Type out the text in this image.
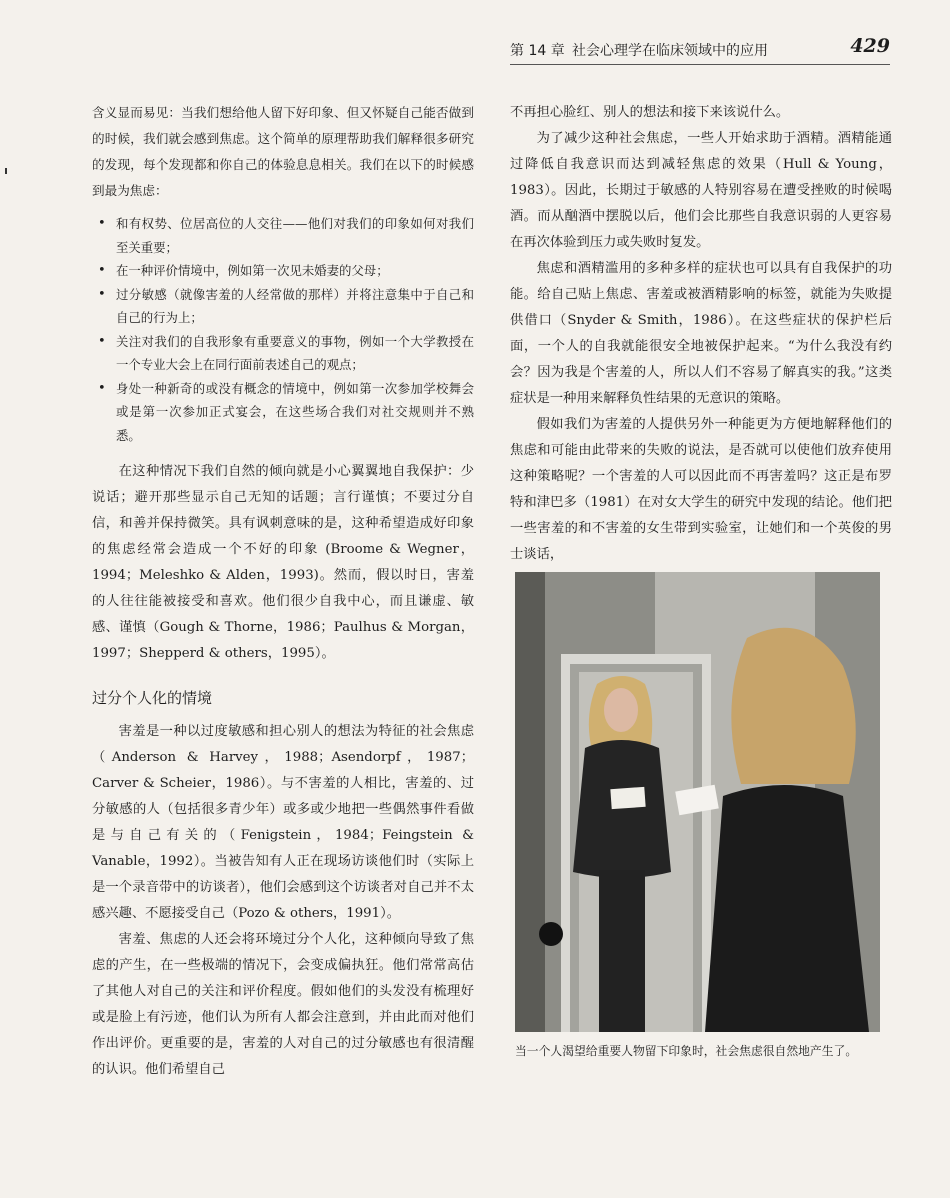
第 14 章 社会心理学在临床领域中的应用	429

含义显而易见：当我们想给他人留下好印象、但又怀疑自己能否做到的时候，我们就会感到焦虑。这个简单的原理帮助我们解释很多研究的发现，每个发现都和你自己的体验息息相关。我们在以下的时候感到最为焦虑：

• 和有权势、位居高位的人交往——他们对我们的印象如何对我们至关重要；
• 在一种评价情境中，例如第一次见未婚妻的父母；
• 过分敏感（就像害羞的人经常做的那样）并将注意集中于自己和自己的行为上；
• 关注对我们的自我形象有重要意义的事物，例如一个大学教授在一个专业大会上在同行面前表述自己的观点；
• 身处一种新奇的或没有概念的情境中，例如第一次参加学校舞会或是第一次参加正式宴会，在这些场合我们对社交规则并不熟悉。

在这种情况下我们自然的倾向就是小心翼翼地自我保护：少说话；避开那些显示自己无知的话题；言行谨慎；不要过分自信，和善并保持微笑。具有讽刺意味的是，这种希望造成好印象的焦虑经常会造成一个不好的印象 (Broome & Wegner，1994；Meleshko & Alden，1993)。然而，假以时日，害羞的人往往能被接受和喜欢。他们很少自我中心，而且谦虚、敏感、谨慎（Gough & Thorne，1986；Paulhus & Morgan，1997；Shepperd & others，1995）。

过分个人化的情境

害羞是一种以过度敏感和担心别人的想法为特征的社会焦虑（Anderson & Harvey，1988；Asendorpf，1987；Carver & Scheier，1986）。与不害羞的人相比，害羞的、过分敏感的人（包括很多青少年）或多或少地把一些偶然事件看做是与自己有关的（Fenigstein，1984；Feingstein & Vanable，1992）。当被告知有人正在现场访谈他们时（实际上是一个录音带中的访谈者），他们会感到这个访谈者对自己并不太感兴趣、不愿接受自己（Pozo & others，1991）。

害羞、焦虑的人还会将环境过分个人化，这种倾向导致了焦虑的产生，在一些极端的情况下，会变成偏执狂。他们常常高估了其他人对自己的关注和评价程度。假如他们的头发没有梳理好或是脸上有污迹，他们认为所有人都会注意到，并由此而对他们作出评价。更重要的是，害羞的人对自己的过分敏感也有很清醒的认识。他们希望自己

不再担心脸红、别人的想法和接下来该说什么。

为了减少这种社会焦虑，一些人开始求助于酒精。酒精能通过降低自我意识而达到减轻焦虑的效果（Hull & Young，1983）。因此，长期过于敏感的人特别容易在遭受挫败的时候喝酒。而从酗酒中摆脱以后，他们会比那些自我意识弱的人更容易在再次体验到压力或失败时复发。

焦虑和酒精滥用的多种多样的症状也可以具有自我保护的功能。给自己贴上焦虑、害羞或被酒精影响的标签，就能为失败提供借口（Snyder & Smith，1986）。在这些症状的保护栏后面，一个人的自我就能很安全地被保护起来。“为什么我没有约会？因为我是个害羞的人，所以人们不容易了解真实的我。”这类症状是一种用来解释负性结果的无意识的策略。

假如我们为害羞的人提供另外一种能更为方便地解释他们的焦虑和可能由此带来的失败的说法，是否就可以使他们放弃使用这种策略呢？一个害羞的人可以因此而不再害羞吗？这正是布罗特和津巴多（1981）在对女大学生的研究中发现的结论。他们把一些害羞的和不害羞的女生带到实验室，让她们和一个英俊的男士谈话，

当一个人渴望给重要人物留下印象时，社会焦虑很自然地产生了。
